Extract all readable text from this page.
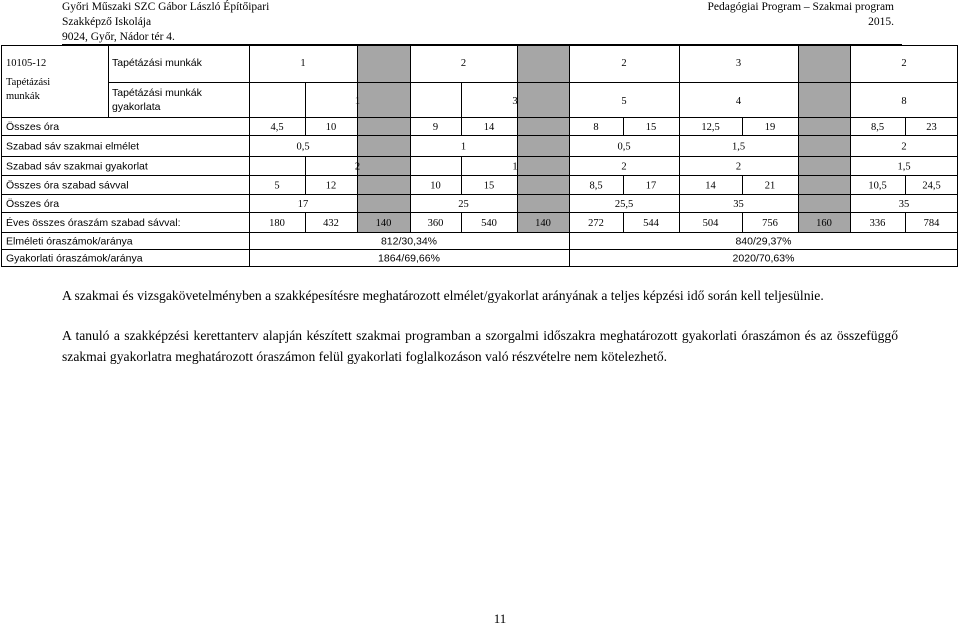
Győri Műszaki SZC Gábor László Építőipari
Szakképző Iskolája
9024, Győr, Nádor tér 4.
Pedagógiai Program – Szakmai program
2015.
10105-12
Tapétázási
munkák
Tapétázási munkák	1	2	2	3	2
Tapétázási munkák
gyakorlata	1	3	5	4	8
Összes óra	4,5	10	9	14	8	15	12,5	19	8,5	23
Szabad sáv szakmai elmélet	0,5	1	0,5	1,5	2
Szabad sáv szakmai gyakorlat	2	1	2	2	1,5
Összes óra szabad sávval	5	12	10	15	8,5	17	14	21	10,5	24,5
Összes óra	17	25	25,5	35	35
Éves összes óraszám szabad sávval:	180	432	140	360	540	140	272	544	504	756	160	336	784
Elméleti óraszámok/aránya	812/30,34%	840/29,37%
Gyakorlati óraszámok/aránya	1864/69,66%	2020/70,63%

A szakmai és vizsgakövetelményben a szakképesítésre meghatározott elmélet/gyakorlat arányának a teljes képzési idő során kell teljesülnie.

A tanuló a szakképzési kerettanterv alapján készített szakmai programban a szorgalmi időszakra meghatározott gyakorlati óraszámon és az összefüggő szakmai gyakorlatra meghatározott óraszámon felül gyakorlati foglalkozáson való részvételre nem kötelezhető.

11
